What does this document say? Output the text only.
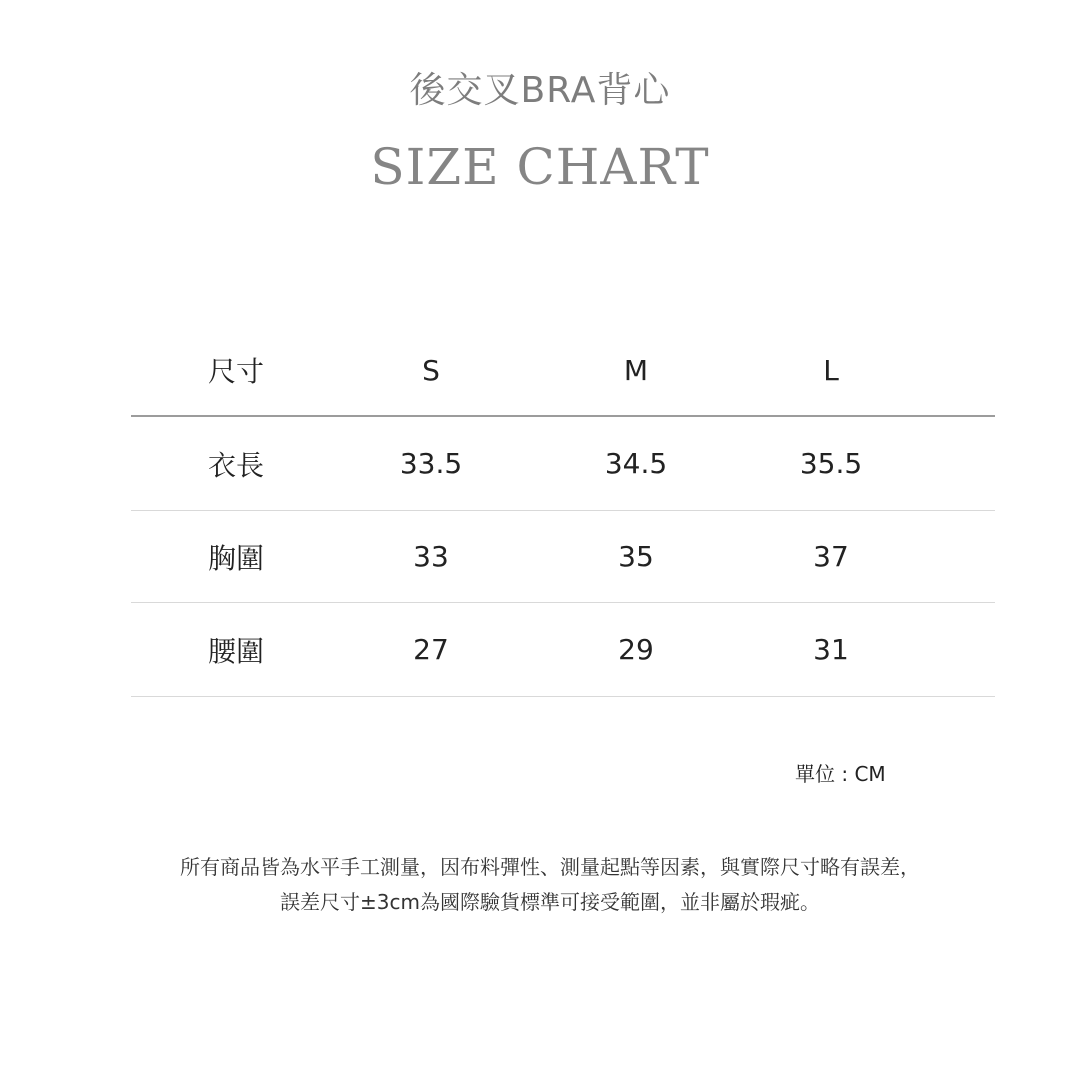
後交叉BRA背心
SIZE CHART
尺寸	S	M	L
衣長	33.5	34.5	35.5
胸圍	33	35	37
腰圍	27	29	31
單位 : CM
所有商品皆為水平手工測量，因布料彈性、測量起點等因素，與實際尺寸略有誤差，誤差尺寸±3cm為國際驗貨標準可接受範圍，並非屬於瑕疵。
